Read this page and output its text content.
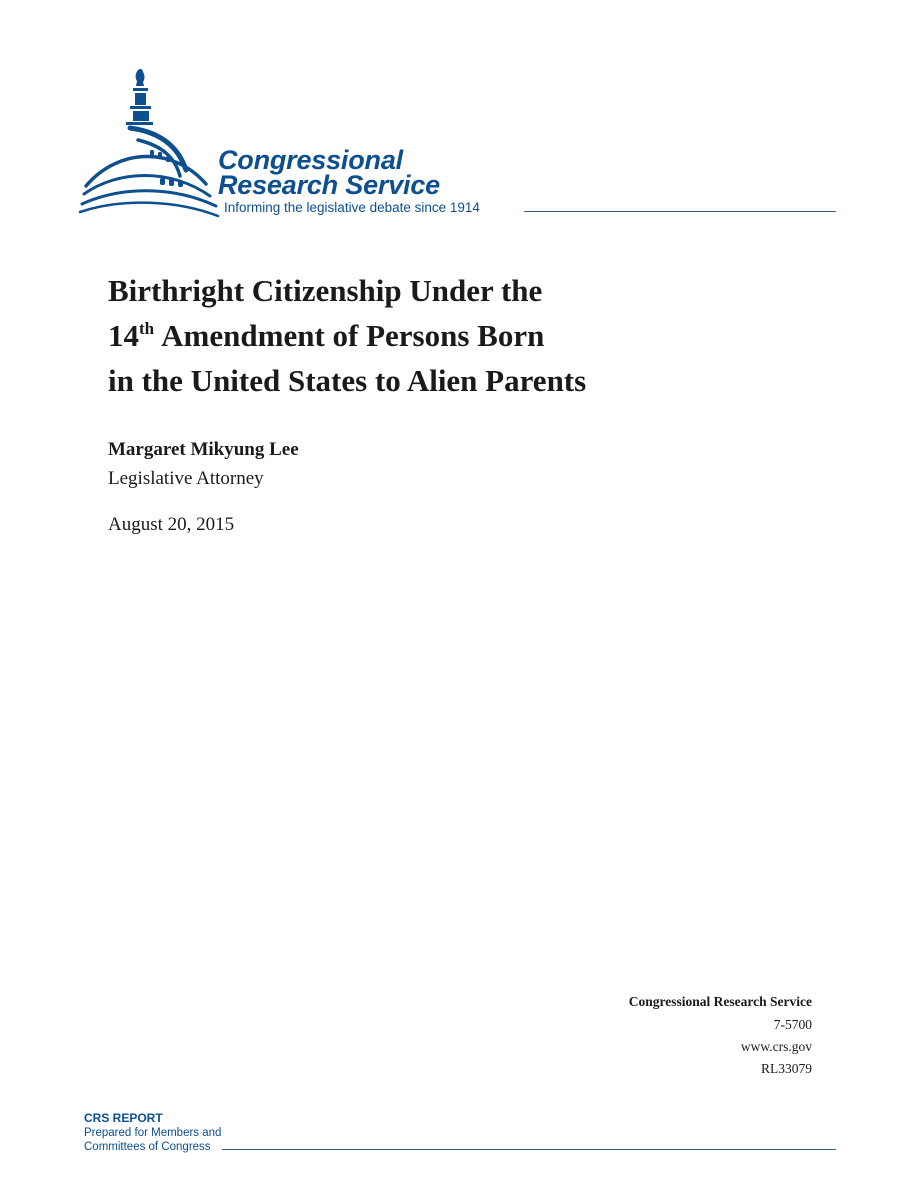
Congressional
Research Service
Informing the legislative debate since 1914
Birthright Citizenship Under the
14th Amendment of Persons Born
in the United States to Alien Parents
Margaret Mikyung Lee
Legislative Attorney
August 20, 2015
Congressional Research Service
7-5700
www.crs.gov
RL33079
CRS REPORT
Prepared for Members and
Committees of Congress
